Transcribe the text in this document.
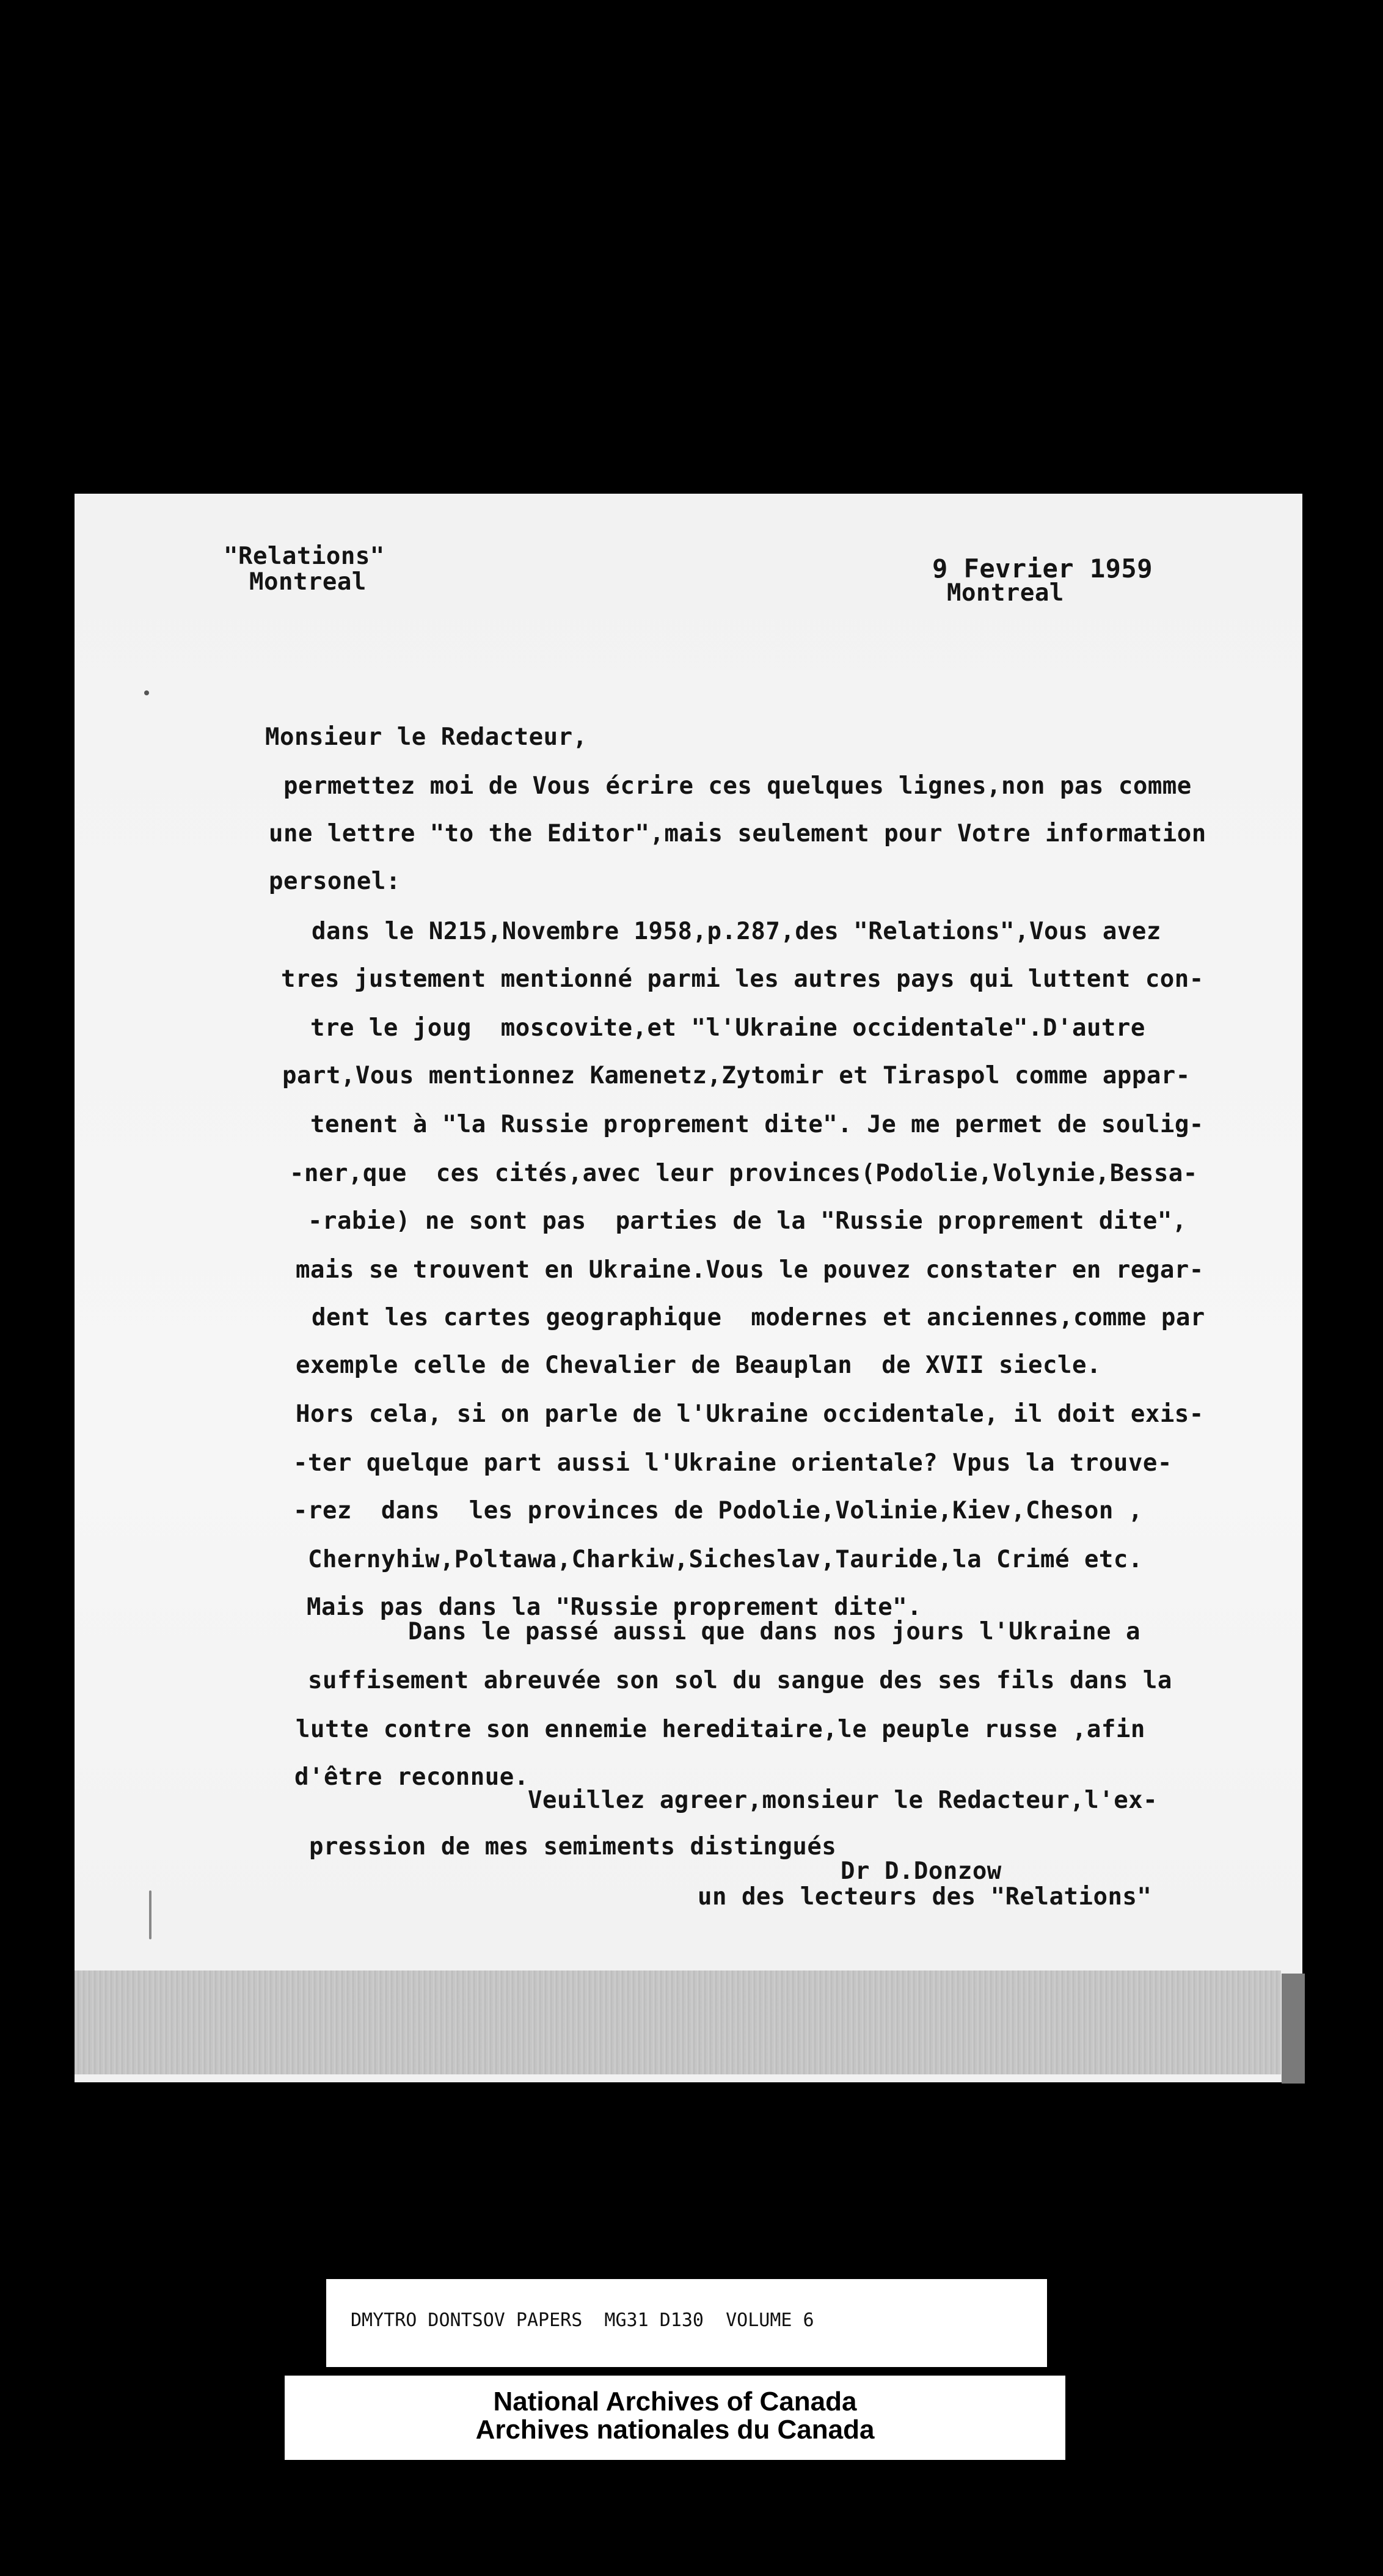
"Relations"
Montreal	9 Fevrier 1959
Montreal
Monsieur le Redacteur,
permettez moi de Vous écrire ces quelques lignes,non pas comme
une lettre "to the Editor",mais seulement pour Votre information
personel:
dans le N215,Novembre 1958,p.287,des "Relations",Vous avez
tres justement mentionné parmi les autres pays qui luttent con-
tre le joug  moscovite,et "l'Ukraine occidentale".D'autre
part,Vous mentionnez Kamenetz,Zytomir et Tiraspol comme appar-
tenent à "la Russie proprement dite". Je me permet de soulig-
-ner,que  ces cités,avec leur provinces(Podolie,Volynie,Bessa-
-rabie) ne sont pas  parties de la "Russie proprement dite",
mais se trouvent en Ukraine.Vous le pouvez constater en regar-
dent les cartes geographique  modernes et anciennes,comme par
exemple celle de Chevalier de Beauplan  de XVII siecle.
Hors cela, si on parle de l'Ukraine occidentale, il doit exis-
-ter quelque part aussi l'Ukraine orientale? Vpus la trouve-
-rez  dans  les provinces de Podolie,Volinie,Kiev,Cheson ,
Chernyhiw,Poltawa,Charkiw,Sicheslav,Tauride,la Crimé etc.
Mais pas dans la "Russie proprement dite".
Dans le passé aussi que dans nos jours l'Ukraine a
suffisement abreuvée son sol du sangue des ses fils dans la
lutte contre son ennemie hereditaire,le peuple russe ,afin
d'être reconnue.
Veuillez agreer,monsieur le Redacteur,l'ex-
pression de mes semiments distingués
Dr D.Donzow
un des lecteurs des "Relations"
DMYTRO DONTSOV PAPERS  MG31 D130  VOLUME 6
National Archives of Canada
Archives nationales du Canada
